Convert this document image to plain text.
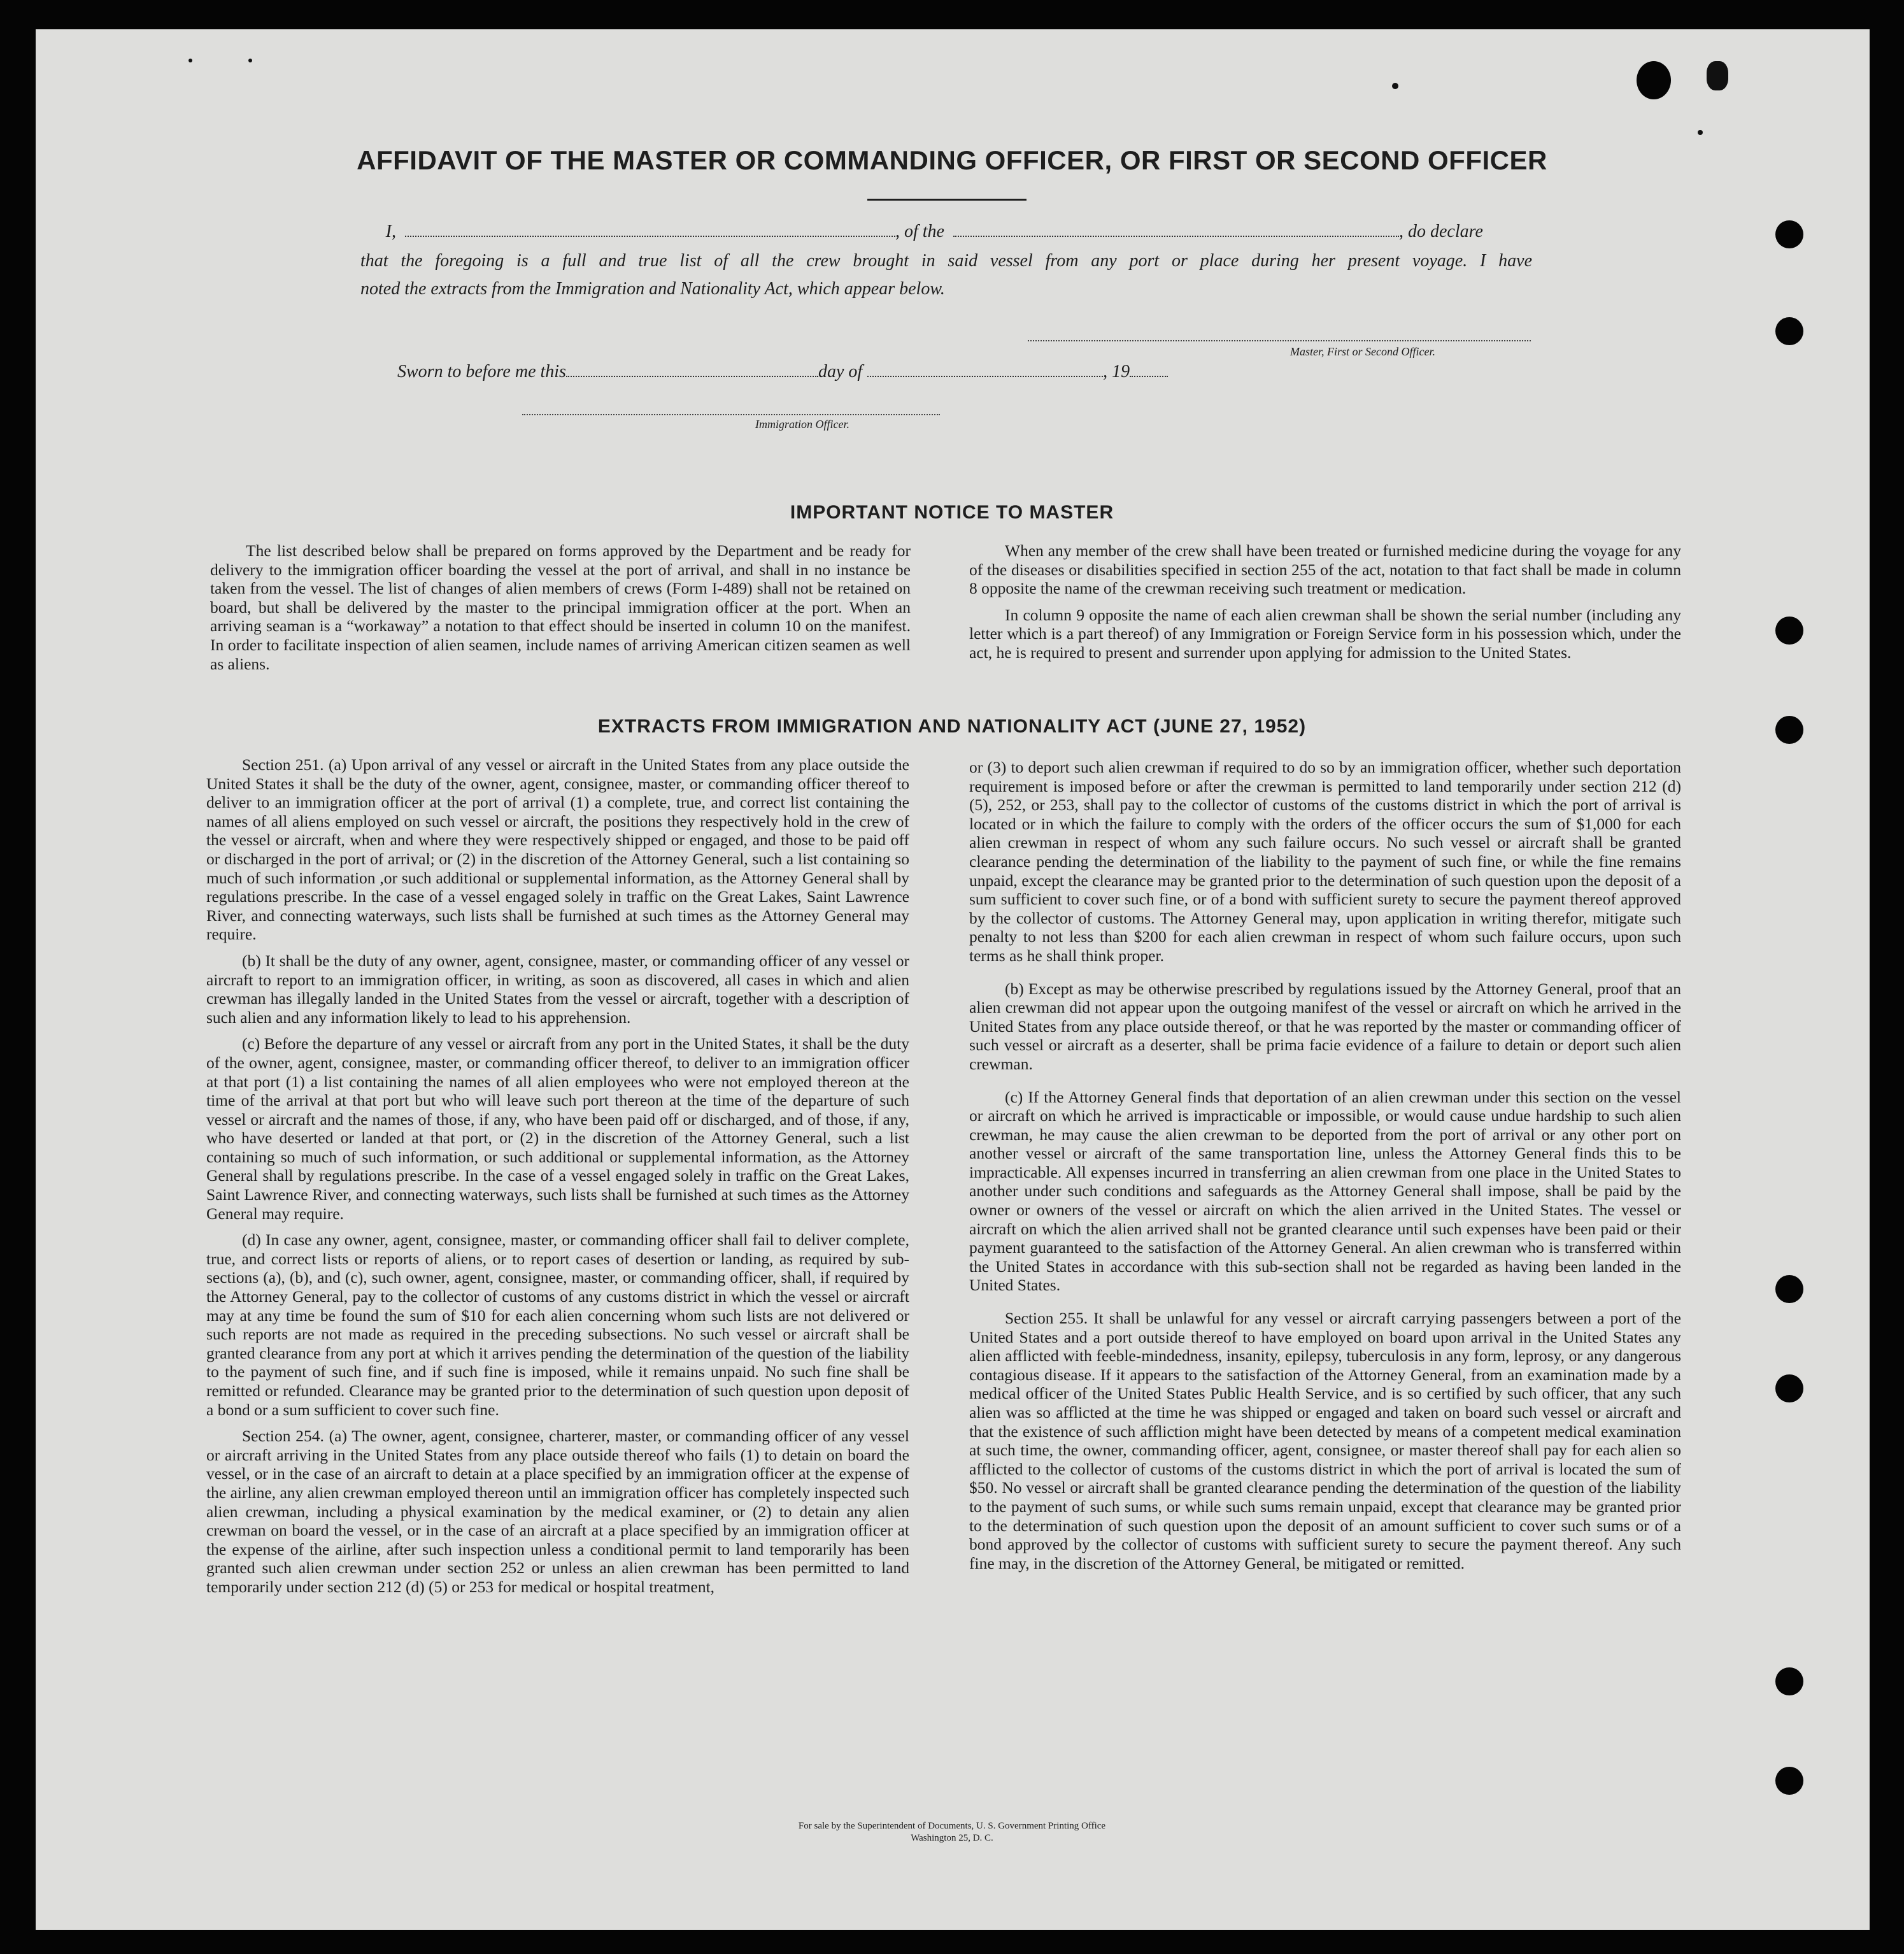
AFFIDAVIT OF THE MASTER OR COMMANDING OFFICER, OR FIRST OR SECOND OFFICER
I,	, of the	, do declare
that the foregoing is a full and true list of all the crew brought in said vessel from any port or place during her present voyage. I have
noted the extracts from the Immigration and Nationality Act, which appear below.
Master, First or Second Officer.
Sworn to before me this	day of	, 19
Immigration Officer.
IMPORTANT NOTICE TO MASTER

The list described below shall be prepared on forms approved by the Department and be ready for delivery to the immigration officer boarding the vessel at the port of arrival, and shall in no instance be taken from the vessel. The list of changes of alien members of crews (Form I-489) shall not be retained on board, but shall be delivered by the master to the principal immigration officer at the port. When an arriving seaman is a “workaway” a notation to that effect should be inserted in column 10 on the manifest. In order to facilitate inspection of alien seamen, include names of arriving American citizen seamen as well as aliens.

When any member of the crew shall have been treated or furnished medicine during the voyage for any of the diseases or disabilities specified in section 255 of the act, notation to that fact shall be made in column 8 opposite the name of the crewman receiving such treatment or medication.

In column 9 opposite the name of each alien crewman shall be shown the serial number (including any letter which is a part thereof) of any Immigration or Foreign Service form in his possession which, under the act, he is required to present and surrender upon applying for admission to the United States.

EXTRACTS FROM IMMIGRATION AND NATIONALITY ACT (JUNE 27, 1952)

Section 251. (a) Upon arrival of any vessel or aircraft in the United States from any place outside the United States it shall be the duty of the owner, agent, consignee, master, or commanding officer thereof to deliver to an immigration officer at the port of arrival (1) a complete, true, and correct list containing the names of all aliens employed on such vessel or aircraft, the positions they respectively hold in the crew of the vessel or aircraft, when and where they were respectively shipped or engaged, and those to be paid off or discharged in the port of arrival; or (2) in the discretion of the Attorney General, such a list containing so much of such information ,or such additional or supplemental information, as the Attorney General shall by regulations prescribe. In the case of a vessel engaged solely in traffic on the Great Lakes, Saint Lawrence River, and connecting waterways, such lists shall be furnished at such times as the Attorney General may require.

(b) It shall be the duty of any owner, agent, consignee, master, or commanding officer of any vessel or aircraft to report to an immigration officer, in writing, as soon as discovered, all cases in which and alien crewman has illegally landed in the United States from the vessel or aircraft, together with a description of such alien and any information likely to lead to his apprehension.

(c) Before the departure of any vessel or aircraft from any port in the United States, it shall be the duty of the owner, agent, consignee, master, or commanding officer thereof, to deliver to an immigration officer at that port (1) a list containing the names of all alien employees who were not employed thereon at the time of the arrival at that port but who will leave such port thereon at the time of the departure of such vessel or aircraft and the names of those, if any, who have been paid off or discharged, and of those, if any, who have deserted or landed at that port, or (2) in the discretion of the Attorney General, such a list containing so much of such information, or such additional or supplemental information, as the Attorney General shall by regulations prescribe. In the case of a vessel engaged solely in traffic on the Great Lakes, Saint Lawrence River, and connecting waterways, such lists shall be furnished at such times as the Attorney General may require.

(d) In case any owner, agent, consignee, master, or commanding officer shall fail to deliver complete, true, and correct lists or reports of aliens, or to report cases of desertion or landing, as required by sub-sections (a), (b), and (c), such owner, agent, consignee, master, or commanding officer, shall, if required by the Attorney General, pay to the collector of customs of any customs district in which the vessel or aircraft may at any time be found the sum of $10 for each alien concerning whom such lists are not delivered or such reports are not made as required in the preceding subsections. No such vessel or aircraft shall be granted clearance from any port at which it arrives pending the determination of the question of the liability to the payment of such fine, and if such fine is imposed, while it remains unpaid. No such fine shall be remitted or refunded. Clearance may be granted prior to the determination of such question upon deposit of a bond or a sum sufficient to cover such fine.

Section 254. (a) The owner, agent, consignee, charterer, master, or commanding officer of any vessel or aircraft arriving in the United States from any place outside thereof who fails (1) to detain on board the vessel, or in the case of an aircraft to detain at a place specified by an immigration officer at the expense of the airline, any alien crewman employed thereon until an immigration officer has completely inspected such alien crewman, including a physical examination by the medical examiner, or (2) to detain any alien crewman on board the vessel, or in the case of an aircraft at a place specified by an immigration officer at the expense of the airline, after such inspection unless a conditional permit to land temporarily has been granted such alien crewman under section 252 or unless an alien crewman has been permitted to land temporarily under section 212 (d) (5) or 253 for medical or hospital treatment,

or (3) to deport such alien crewman if required to do so by an immigration officer, whether such deportation requirement is imposed before or after the crewman is permitted to land temporarily under section 212 (d) (5), 252, or 253, shall pay to the collector of customs of the customs district in which the port of arrival is located or in which the failure to comply with the orders of the officer occurs the sum of $1,000 for each alien crewman in respect of whom any such failure occurs. No such vessel or aircraft shall be granted clearance pending the determination of the liability to the payment of such fine, or while the fine remains unpaid, except the clearance may be granted prior to the determination of such question upon the deposit of a sum sufficient to cover such fine, or of a bond with sufficient surety to secure the payment thereof approved by the collector of customs. The Attorney General may, upon application in writing therefor, mitigate such penalty to not less than $200 for each alien crewman in respect of whom such failure occurs, upon such terms as he shall think proper.

(b) Except as may be otherwise prescribed by regulations issued by the Attorney General, proof that an alien crewman did not appear upon the outgoing manifest of the vessel or aircraft on which he arrived in the United States from any place outside thereof, or that he was reported by the master or commanding officer of such vessel or aircraft as a deserter, shall be prima facie evidence of a failure to detain or deport such alien crewman.

(c) If the Attorney General finds that deportation of an alien crewman under this section on the vessel or aircraft on which he arrived is impracticable or impossible, or would cause undue hardship to such alien crewman, he may cause the alien crewman to be deported from the port of arrival or any other port on another vessel or aircraft of the same transportation line, unless the Attorney General finds this to be impracticable. All expenses incurred in transferring an alien crewman from one place in the United States to another under such conditions and safeguards as the Attorney General shall impose, shall be paid by the owner or owners of the vessel or aircraft on which the alien arrived in the United States. The vessel or aircraft on which the alien arrived shall not be granted clearance until such expenses have been paid or their payment guaranteed to the satisfaction of the Attorney General. An alien crewman who is transferred within the United States in accordance with this sub-section shall not be regarded as having been landed in the United States.

Section 255. It shall be unlawful for any vessel or aircraft carrying passengers between a port of the United States and a port outside thereof to have employed on board upon arrival in the United States any alien afflicted with feeble-mindedness, insanity, epilepsy, tuberculosis in any form, leprosy, or any dangerous contagious disease. If it appears to the satisfaction of the Attorney General, from an examination made by a medical officer of the United States Public Health Service, and is so certified by such officer, that any such alien was so afflicted at the time he was shipped or engaged and taken on board such vessel or aircraft and that the existence of such affliction might have been detected by means of a competent medical examination at such time, the owner, commanding officer, agent, consignee, or master thereof shall pay for each alien so afflicted to the collector of customs of the customs district in which the port of arrival is located the sum of $50. No vessel or aircraft shall be granted clearance pending the determination of the question of the liability to the payment of such sums, or while such sums remain unpaid, except that clearance may be granted prior to the determination of such question upon the deposit of an amount sufficient to cover such sums or of a bond approved by the collector of customs with sufficient surety to secure the payment thereof. Any such fine may, in the discretion of the Attorney General, be mitigated or remitted.

For sale by the Superintendent of Documents, U. S. Government Printing Office
Washington 25, D. C.
